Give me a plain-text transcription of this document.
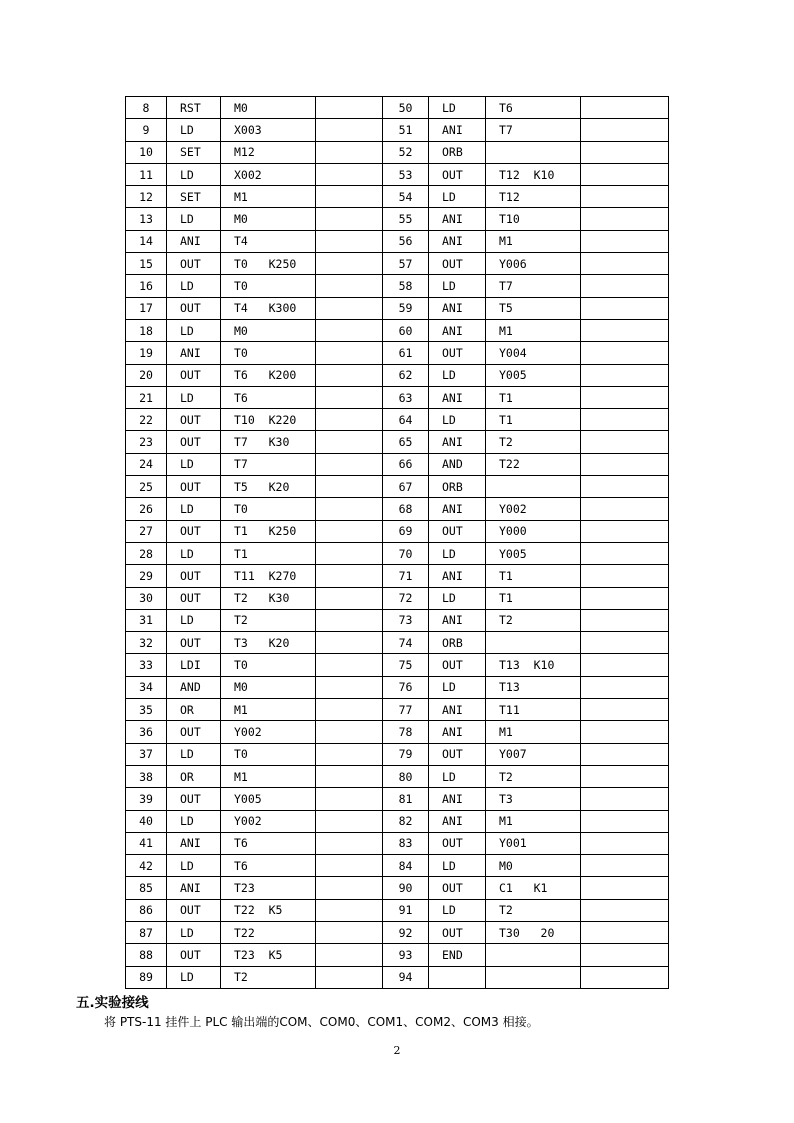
8	RST	M0		50	LD	T6	
9	LD	X003		51	ANI	T7	
10	SET	M12		52	ORB		
11	LD	X002		53	OUT	T12  K10	
12	SET	M1		54	LD	T12	
13	LD	M0		55	ANI	T10	
14	ANI	T4		56	ANI	M1	
15	OUT	T0   K250		57	OUT	Y006	
16	LD	T0		58	LD	T7	
17	OUT	T4   K300		59	ANI	T5	
18	LD	M0		60	ANI	M1	
19	ANI	T0		61	OUT	Y004	
20	OUT	T6   K200		62	LD	Y005	
21	LD	T6		63	ANI	T1	
22	OUT	T10  K220		64	LD	T1	
23	OUT	T7   K30		65	ANI	T2	
24	LD	T7		66	AND	T22	
25	OUT	T5   K20		67	ORB		
26	LD	T0		68	ANI	Y002	
27	OUT	T1   K250		69	OUT	Y000	
28	LD	T1		70	LD	Y005	
29	OUT	T11  K270		71	ANI	T1	
30	OUT	T2   K30		72	LD	T1	
31	LD	T2		73	ANI	T2	
32	OUT	T3   K20		74	ORB		
33	LDI	T0		75	OUT	T13  K10	
34	AND	M0		76	LD	T13	
35	OR	M1		77	ANI	T11	
36	OUT	Y002		78	ANI	M1	
37	LD	T0		79	OUT	Y007	
38	OR	M1		80	LD	T2	
39	OUT	Y005		81	ANI	T3	
40	LD	Y002		82	ANI	M1	
41	ANI	T6		83	OUT	Y001	
42	LD	T6		84	LD	M0	
85	ANI	T23		90	OUT	C1   K1	
86	OUT	T22  K5		91	LD	T2	
87	LD	T22		92	OUT	T30   20	
88	OUT	T23  K5		93	END		
89	LD	T2		94			
五.实验接线
将 PTS-11 挂件上 PLC 输出端的COM、COM0、COM1、COM2、COM3 相接。
2
